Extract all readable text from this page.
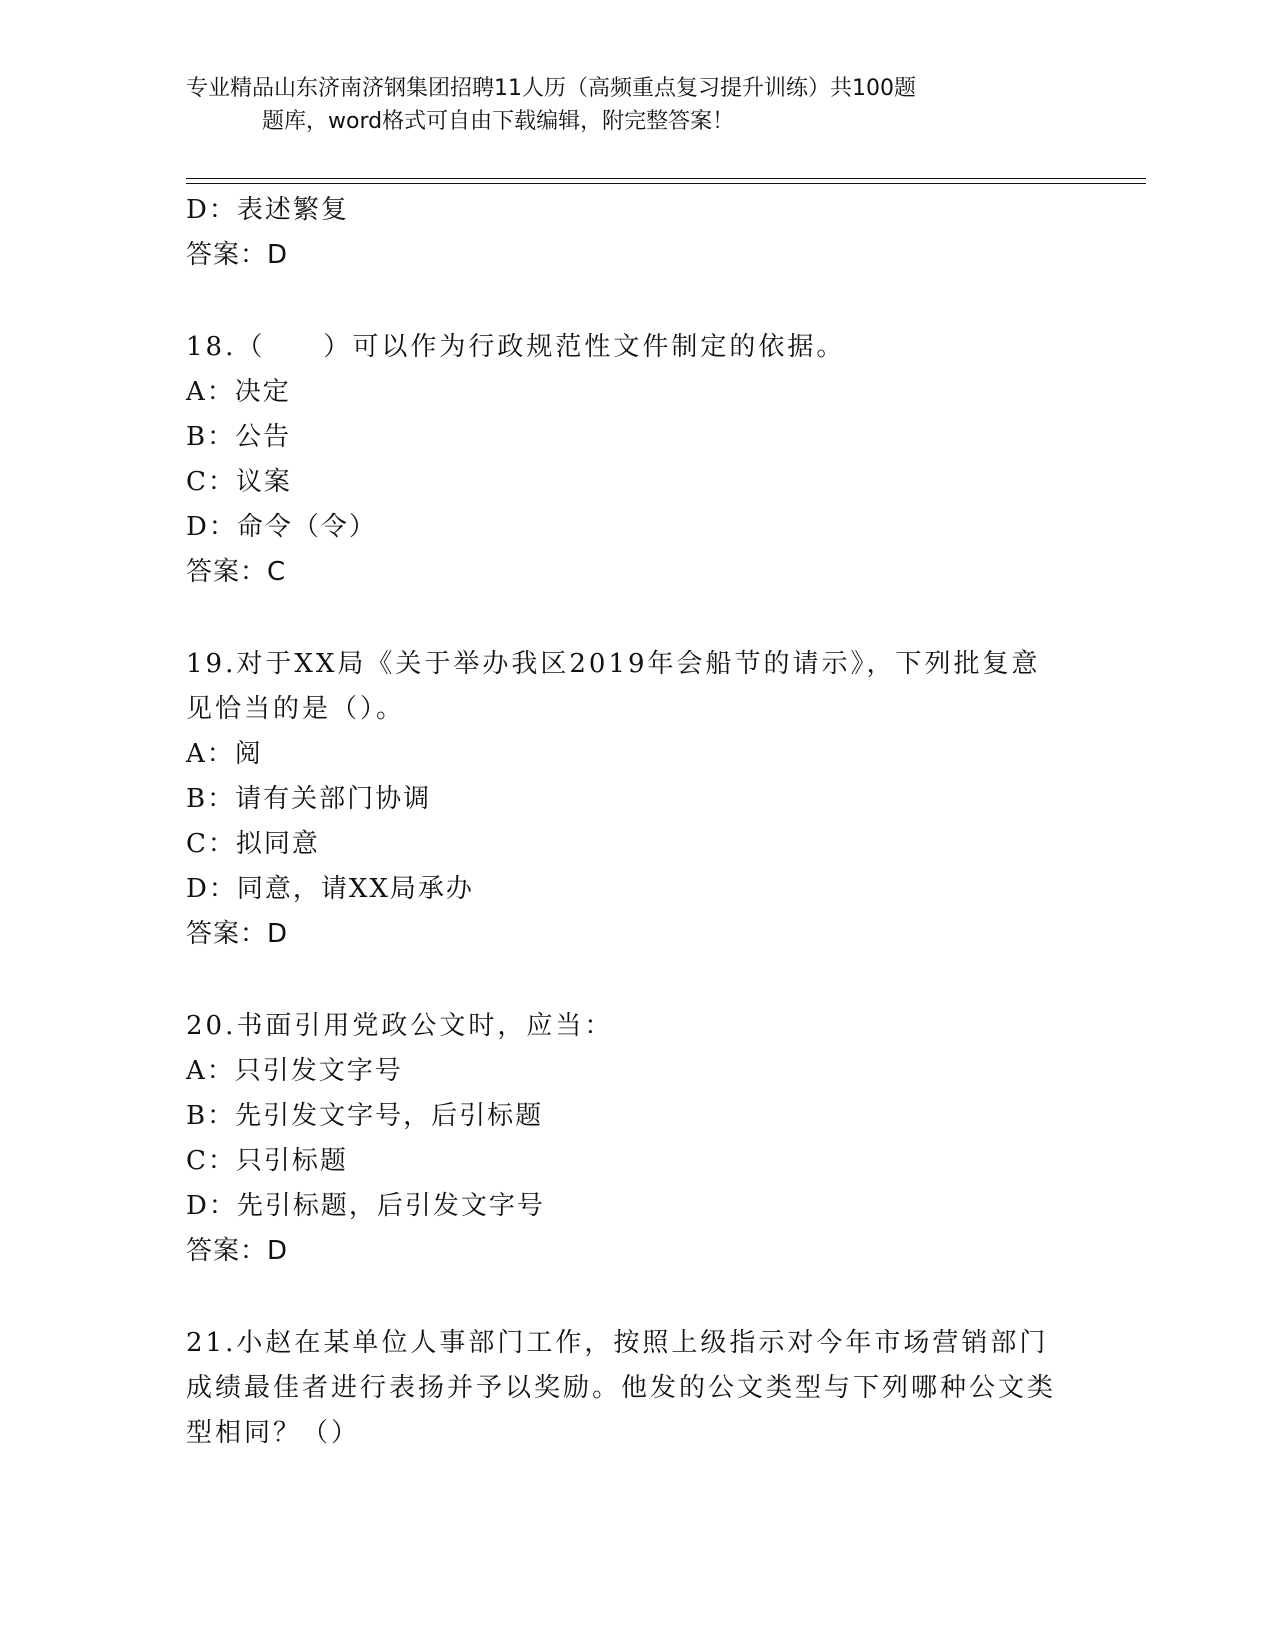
专业精品山东济南济钢集团招聘11人历（高频重点复习提升训练）共100题
题库，word格式可自由下载编辑，附完整答案！
D：表述繁复
答案：D
18.（　　）可以作为行政规范性文件制定的依据。
A：决定
B：公告
C：议案
D：命令（令）
答案：C
19.对于XX局《关于举办我区2019年会船节的请示》，下列批复意见恰当的是（）。
A：阅
B：请有关部门协调
C：拟同意
D：同意，请XX局承办
答案：D
20.书面引用党政公文时，应当：
A：只引发文字号
B：先引发文字号，后引标题
C：只引标题
D：先引标题，后引发文字号
答案：D
21.小赵在某单位人事部门工作，按照上级指示对今年市场营销部门成绩最佳者进行表扬并予以奖励。他发的公文类型与下列哪种公文类型相同？（）
